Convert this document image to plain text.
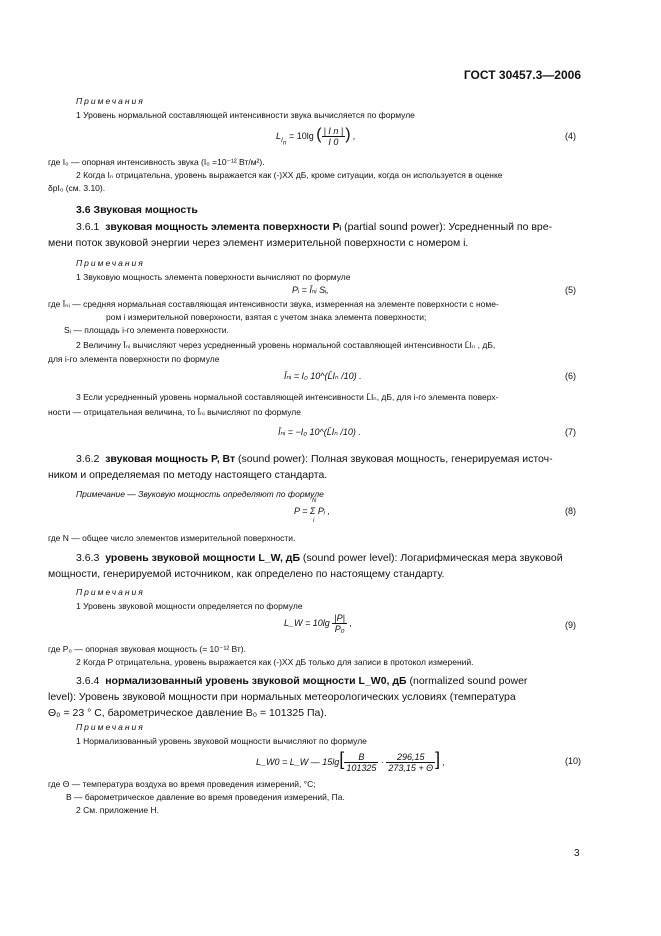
ГОСТ 30457.3—2006
Примечания
1 Уровень нормальной составляющей интенсивности звука вычисляется по формуле
$L_{I_n} = 10\lg$ ( $\frac{\text{| I n |}}{I 0}$ ) ,	(4)
где I₀ — опорная интенсивность звука (I₀ =10⁻¹² Вт/м²).
2 Когда Iₙ отрицательна, уровень выражается как (-)XX дБ, кроме ситуации, когда он используется в оценке
δpI₀ (см. 3.10).
3.6 Звуковая мощность
3.6.1 звуковая мощность элемента поверхности Pᵢ (partial sound power): Усредненный по вре-
мени поток звуковой энергии через элемент измерительной поверхности с номером i.
Примечания
1 Звуковую мощность элемента поверхности вычисляют по формуле
Pᵢ = Īₙᵢ Sᵢ,	(5)
где Īₙᵢ — средняя нормальная составляющая интенсивности звука, измеренная на элементе поверхности с номе-
ром i измерительной поверхности, взятая с учетом знака элемента поверхности;
Sᵢ — площадь i-го элемента поверхности.
2 Величину Īₙᵢ вычисляют через усредненный уровень нормальной составляющей интенсивности L̄Iₙ , дБ,
для i-го элемента поверхности по формуле
Īₙᵢ = I₀ 10^(L̄Iₙ /10) .	(6)
3 Если усредненный уровень нормальной составляющей интенсивности L̄Iₙ, дБ, для i-го элемента поверх-
ности — отрицательная величина, то Īₙᵢ вычисляют по формуле
Īₙᵢ = −I₀ 10^(L̄Iₙ /10) .	(7)
3.6.2 звуковая мощность P, Вт (sound power): Полная звуковая мощность, генерируемая источ-
ником и определяемая по методу настоящего стандарта.
Примечание — Звуковую мощность определяют по формуле
N
i
P = Σ Pᵢ ,	(8)
где N — общее число элементов измерительной поверхности.
3.6.3 уровень звуковой мощности L_W, дБ (sound power level): Логарифмическая мера звуковой
мощности, генерируемой источником, как определено по настоящему стандарту.
Примечания
1 Уровень звуковой мощности определяется по формуле
L_W = $10\lg \frac{|P|}{\text{P₀}}$ ,	(9)
где P₀ — опорная звуковая мощность (= 10⁻¹² Вт).
2 Когда P отрицательна, уровень выражается как (-)XX дБ только для записи в протокол измерений.
3.6.4 нормализованный уровень звуковой мощности L_W0, дБ (normalized sound power
level): Уровень звуковой мощности при нормальных метеорологических условиях (температура
Θ₀ = 23 ° С, барометрическое давление B₀ = 101325 Па).
Примечания
1 Нормализованный уровень звуковой мощности вычисляют по формуле
L_W0 = L_W — $15\lg[ \frac{B}{101325} \cdot \frac{296,15}{273,15 + \Theta}$ ] ,	(10)
где Θ — температура воздуха во время проведения измерений, °С;
B — барометрическое давление во время проведения измерений, Па.
2 См. приложение Н.
3
